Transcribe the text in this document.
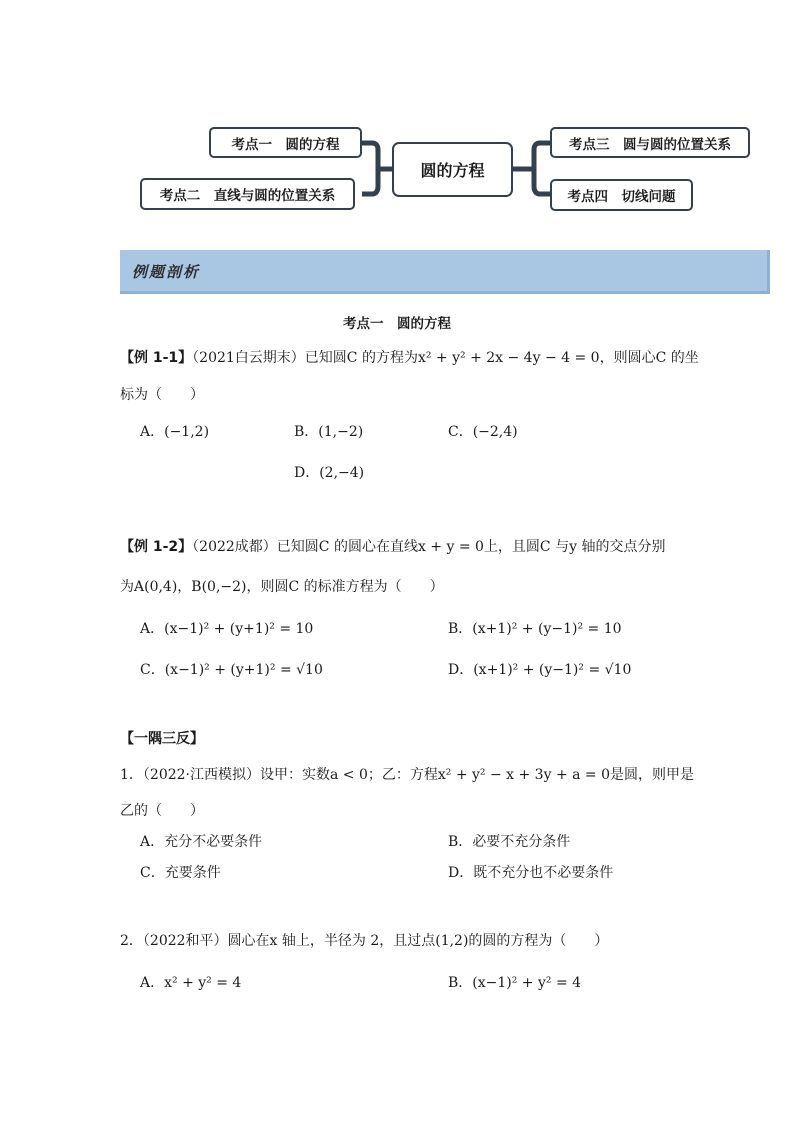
考点一　圆的方程
考点二　直线与圆的位置关系
圆的方程
考点三　圆与圆的位置关系
考点四　切线问题
例题剖析
考点一　圆的方程
【例 1-1】（2021白云期末）已知圆C 的方程为x² + y² + 2x − 4y − 4 = 0，则圆心C 的坐
标为（　　）
A．(−1,2)	B．(1,−2)	C．(−2,4)
D．(2,−4)
【例 1-2】（2022成都）已知圆C 的圆心在直线x + y = 0上，且圆C 与y 轴的交点分别
为A(0,4)，B(0,−2)，则圆C 的标准方程为（　　）
A．(x−1)² + (y+1)² = 10	B．(x+1)² + (y−1)² = 10
C．(x−1)² + (y+1)² = √10	D．(x+1)² + (y−1)² = √10
【一隅三反】
1．（2022·江西模拟）设甲：实数a < 0；乙：方程x² + y² − x + 3y + a = 0是圆，则甲是
乙的（　　）
A．充分不必要条件	B．必要不充分条件
C．充要条件	D．既不充分也不必要条件
2．（2022和平）圆心在x 轴上，半径为 2，且过点(1,2)的圆的方程为（　　）
A．x² + y² = 4	B．(x−1)² + y² = 4
